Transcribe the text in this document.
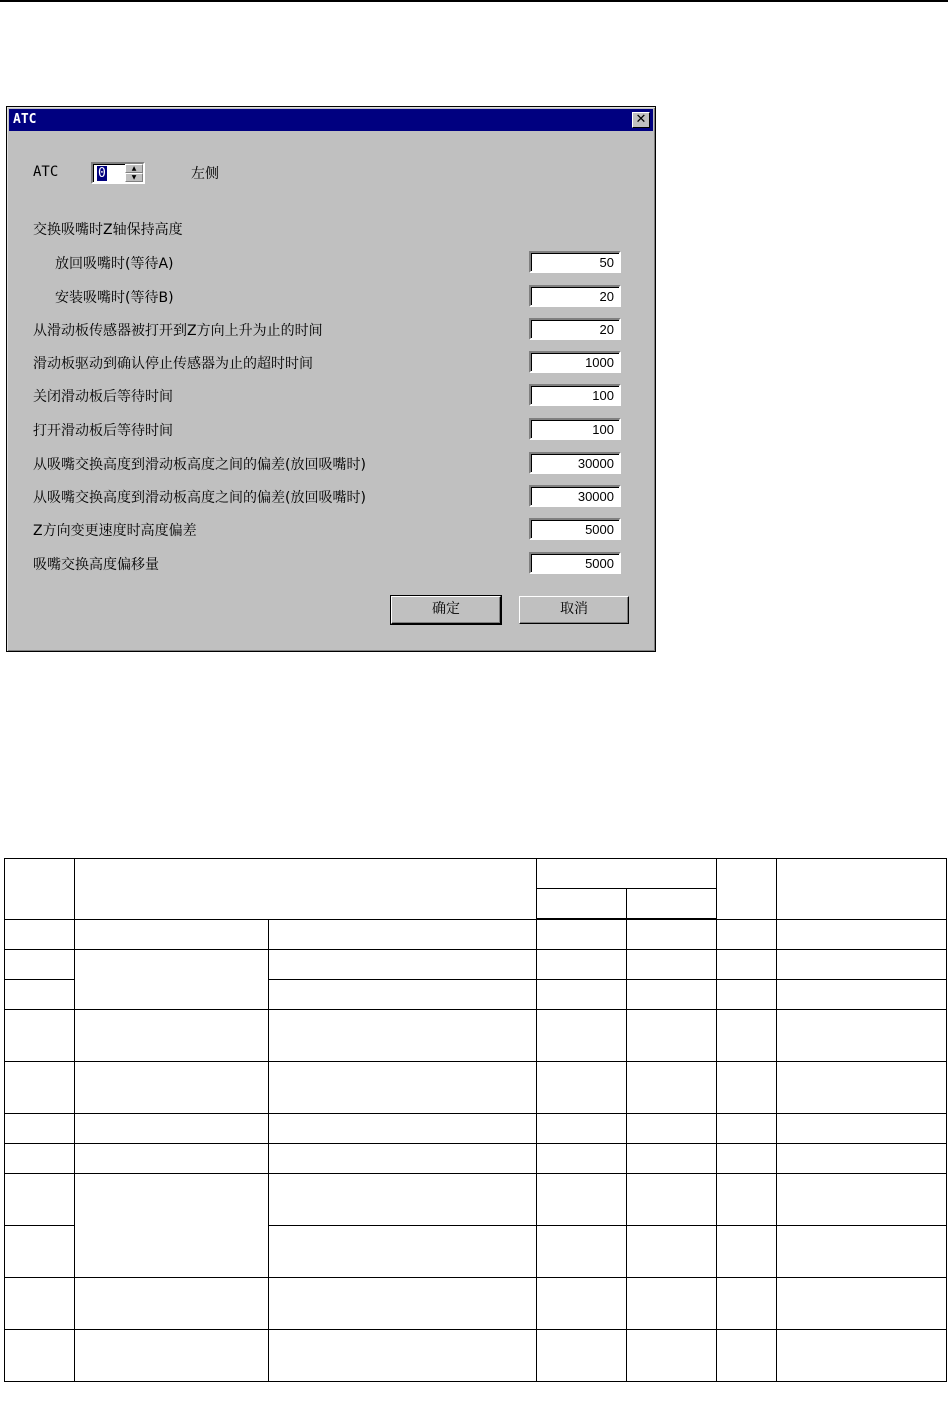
ATC	✕
ATC	0	▲
▼	左侧
交换吸嘴时Z轴保持高度
放回吸嘴时(等待A)	50
安装吸嘴时(等待B)	20
从滑动板传感器被打开到Z方向上升为止的时间	20
滑动板驱动到确认停止传感器为止的超时时间	1000
关闭滑动板后等待时间	100
打开滑动板后等待时间	100
从吸嘴交换高度到滑动板高度之间的偏差(放回吸嘴时)	30000
从吸嘴交换高度到滑动板高度之间的偏差(放回吸嘴时)	30000
Z方向变更速度时高度偏差	5000
吸嘴交换高度偏移量	5000
确定	取消
